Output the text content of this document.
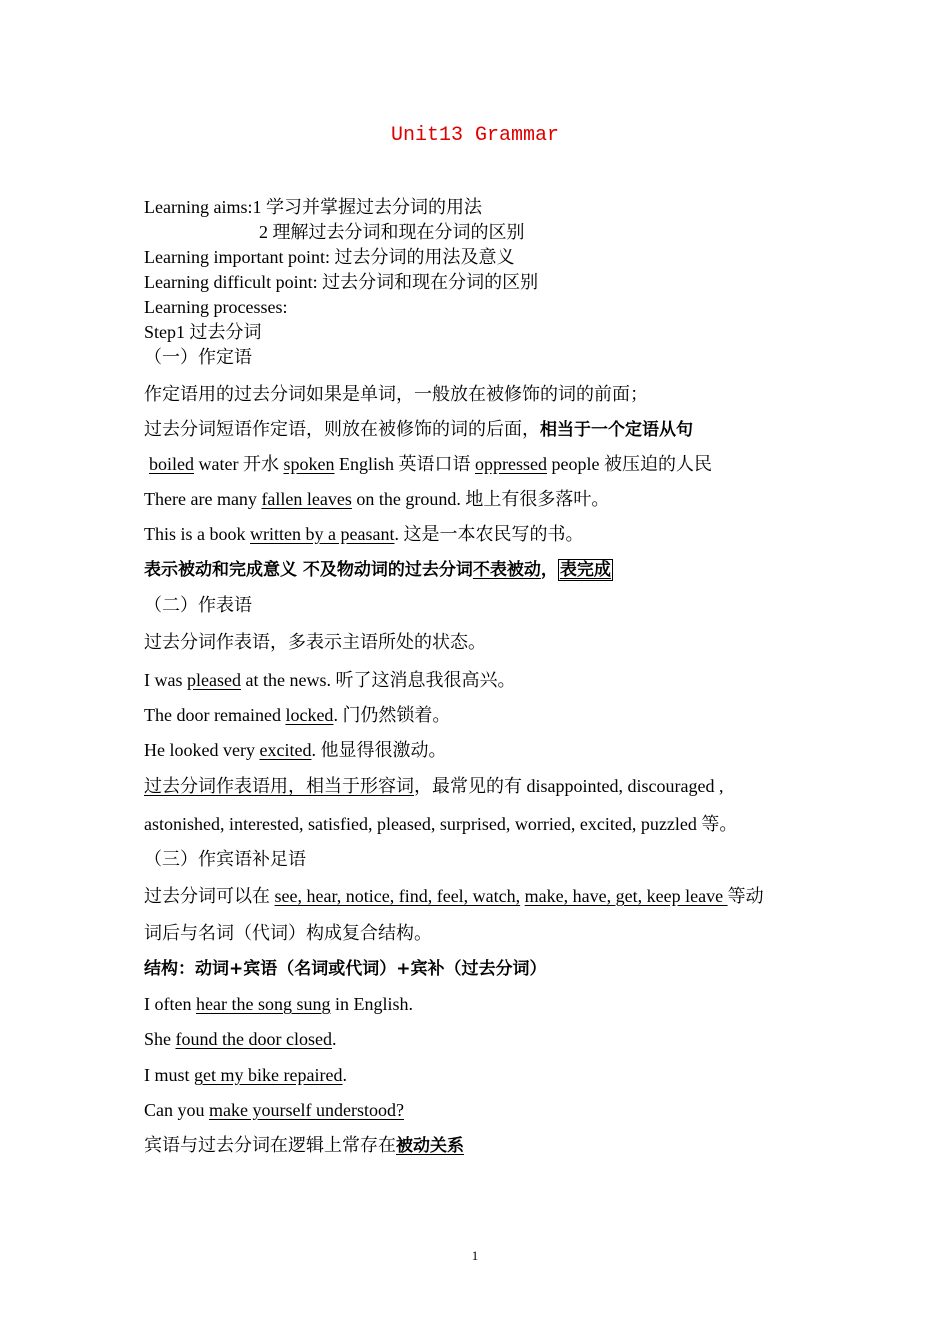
Unit13 Grammar
Learning aims:1 学习并掌握过去分词的用法
2 理解过去分词和现在分词的区别
Learning important point: 过去分词的用法及意义
Learning difficult point: 过去分词和现在分词的区别
Learning processes:
Step1 过去分词
（一）作定语
作定语用的过去分词如果是单词，一般放在被修饰的词的前面；
过去分词短语作定语，则放在被修饰的词的后面，相当于一个定语从句
boiled water 开水 spoken English 英语口语 oppressed people 被压迫的人民
There are many fallen leaves on the ground. 地上有很多落叶。
This is a book written by a peasant. 这是一本农民写的书。
表示被动和完成意义 不及物动词的过去分词不表被动， 表完成
（二）作表语
过去分词作表语，多表示主语所处的状态。
I was pleased at the news. 听了这消息我很高兴。
The door remained locked. 门仍然锁着。
He looked very excited. 他显得很激动。
过去分词作表语用，相当于形容词，最常见的有 disappointed, discouraged ,
astonished, interested, satisfied, pleased, surprised, worried, excited, puzzled 等。
（三）作宾语补足语
过去分词可以在 see, hear, notice, find, feel, watch, make, have, get, keep leave 等动
词后与名词（代词）构成复合结构。
结构：动词+宾语（名词或代词）+宾补（过去分词）
I often hear the song sung in English.
She found the door closed.
I must get my bike repaired.
Can you make yourself understood?
宾语与过去分词在逻辑上常存在被动关系
1
